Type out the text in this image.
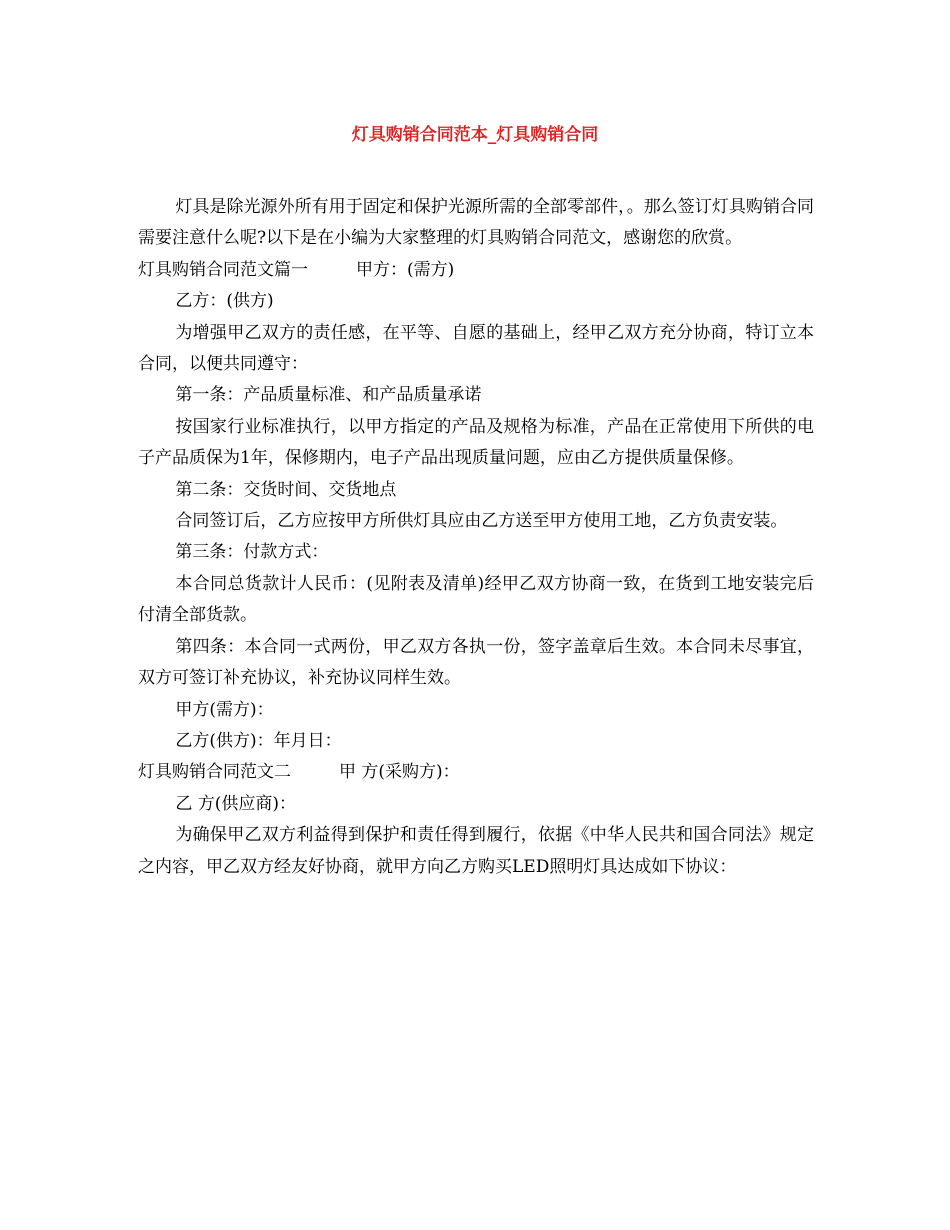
灯具购销合同范本_灯具购销合同

灯具是除光源外所有用于固定和保护光源所需的全部零部件，。那么签订灯具购销合同需要注意什么呢?以下是在小编为大家整理的灯具购销合同范文，感谢您的欣赏。

灯具购销合同范文篇一	甲方：(需方)

乙方：(供方)

为增强甲乙双方的责任感，在平等、自愿的基础上，经甲乙双方充分协商，特订立本合同，以便共同遵守：

第一条：产品质量标准、和产品质量承诺

按国家行业标准执行，以甲方指定的产品及规格为标准，产品在正常使用下所供的电子产品质保为1年，保修期内，电子产品出现质量问题，应由乙方提供质量保修。

第二条：交货时间、交货地点

合同签订后，乙方应按甲方所供灯具应由乙方送至甲方使用工地，乙方负责安装。

第三条：付款方式：

本合同总货款计人民币：(见附表及清单)经甲乙双方协商一致，在货到工地安装完后付清全部货款。

第四条：本合同一式两份，甲乙双方各执一份，签字盖章后生效。本合同未尽事宜，双方可签订补充协议，补充协议同样生效。

甲方(需方)：

乙方(供方)：年月日：

灯具购销合同范文二	甲 方(采购方)：

乙 方(供应商)：

为确保甲乙双方利益得到保护和责任得到履行，依据《中华人民共和国合同法》规定之内容，甲乙双方经友好协商，就甲方向乙方购买LED照明灯具达成如下协议：
